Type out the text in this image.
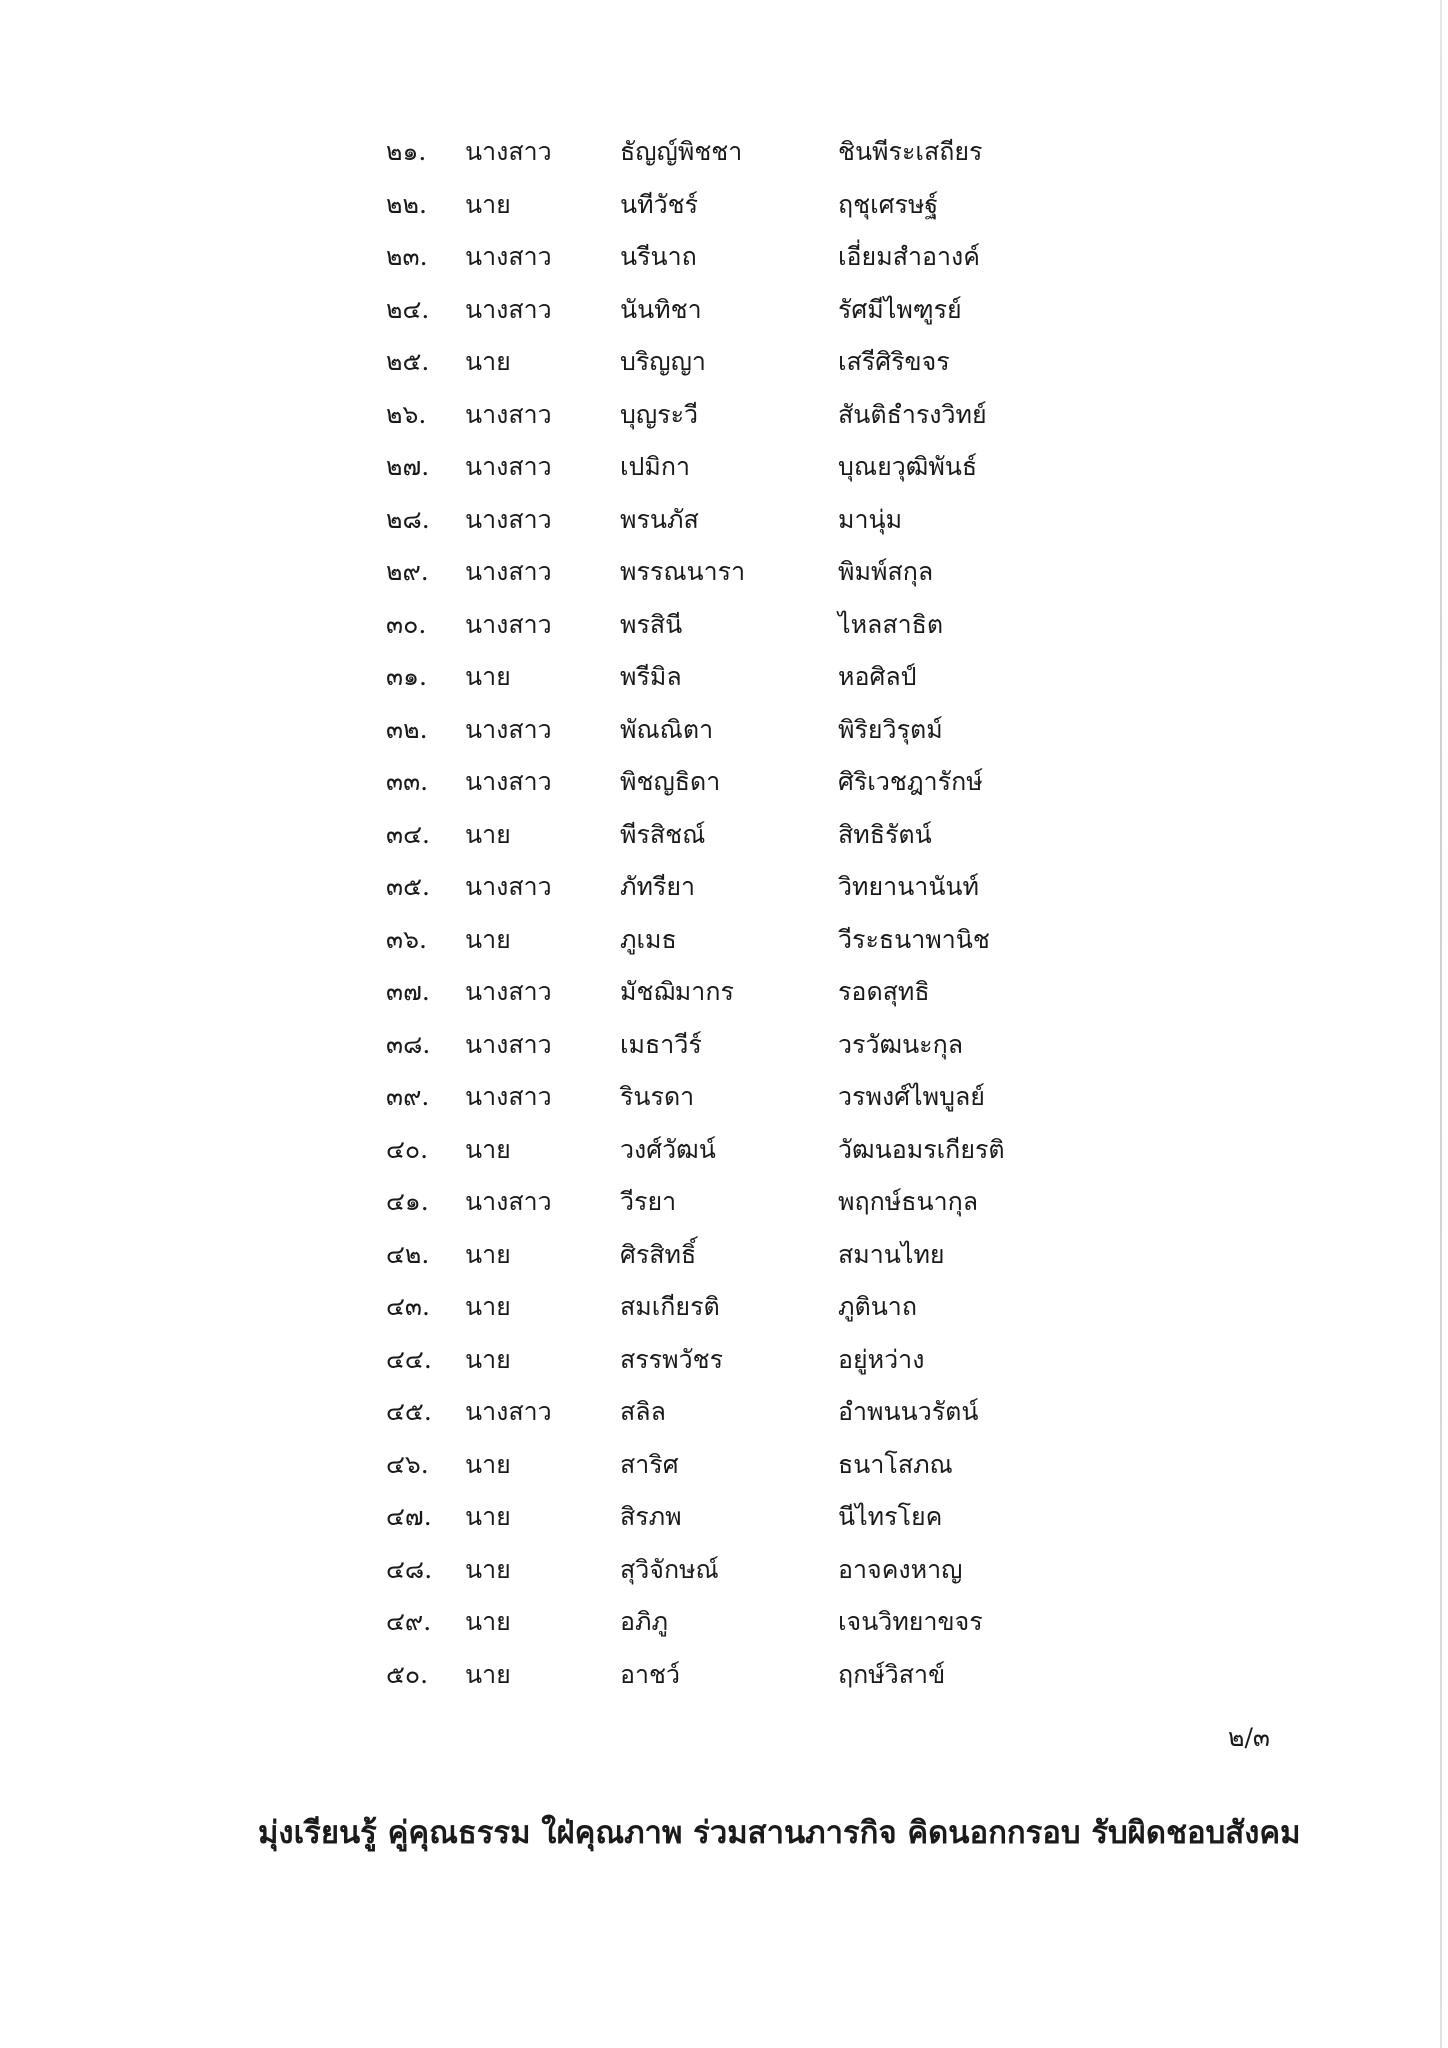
๒๑. นางสาว	ธัญญ์พิชชา	ชินพีระเสถียร
๒๒. นาย	นทีวัชร์	ฤชุเศรษฐ์
๒๓. นางสาว	นรีนาถ	เอี่ยมสำอางค์
๒๔. นางสาว	นันทิชา	รัศมีไพฑูรย์
๒๕. นาย	บริญญา	เสรีศิริขจร
๒๖. นางสาว	บุญระวี	สันติธำรงวิทย์
๒๗. นางสาว	เปมิกา	บุณยวุฒิพันธ์
๒๘. นางสาว	พรนภัส	มานุ่ม
๒๙. นางสาว	พรรณนารา	พิมพ์สกุล
๓๐. นางสาว	พรสินี	ไหลสาธิต
๓๑. นาย	พรีมิล	หอศิลป์
๓๒. นางสาว	พัณณิตา	พิริยวิรุตม์
๓๓. นางสาว	พิชญธิดา	ศิริเวชฎารักษ์
๓๔. นาย	พีรสิชณ์	สิทธิรัตน์
๓๕. นางสาว	ภัทรียา	วิทยานานันท์
๓๖. นาย	ภูเมธ	วีระธนาพานิช
๓๗. นางสาว	มัชฌิมากร	รอดสุทธิ
๓๘. นางสาว	เมธาวีร์	วรวัฒนะกุล
๓๙. นางสาว	รินรดา	วรพงศ์ไพบูลย์
๔๐. นาย	วงศ์วัฒน์	วัฒนอมรเกียรติ
๔๑. นางสาว	วีรยา	พฤกษ์ธนากุล
๔๒. นาย	ศิรสิทธิ์	สมานไทย
๔๓. นาย	สมเกียรติ	ภูตินาถ
๔๔. นาย	สรรพวัชร	อยู่หว่าง
๔๕. นางสาว	สลิล	อำพนนวรัตน์
๔๖. นาย	สาริศ	ธนาโสภณ
๔๗. นาย	สิรภพ	นีไทรโยค
๔๘. นาย	สุวิจักษณ์	อาจคงหาญ
๔๙. นาย	อภิภู	เจนวิทยาขจร
๕๐. นาย	อาชว์	ฤกษ์วิสาข์
๒/๓
มุ่งเรียนรู้ คู่คุณธรรม ใฝ่คุณภาพ ร่วมสานภารกิจ คิดนอกกรอบ รับผิดชอบสังคม
